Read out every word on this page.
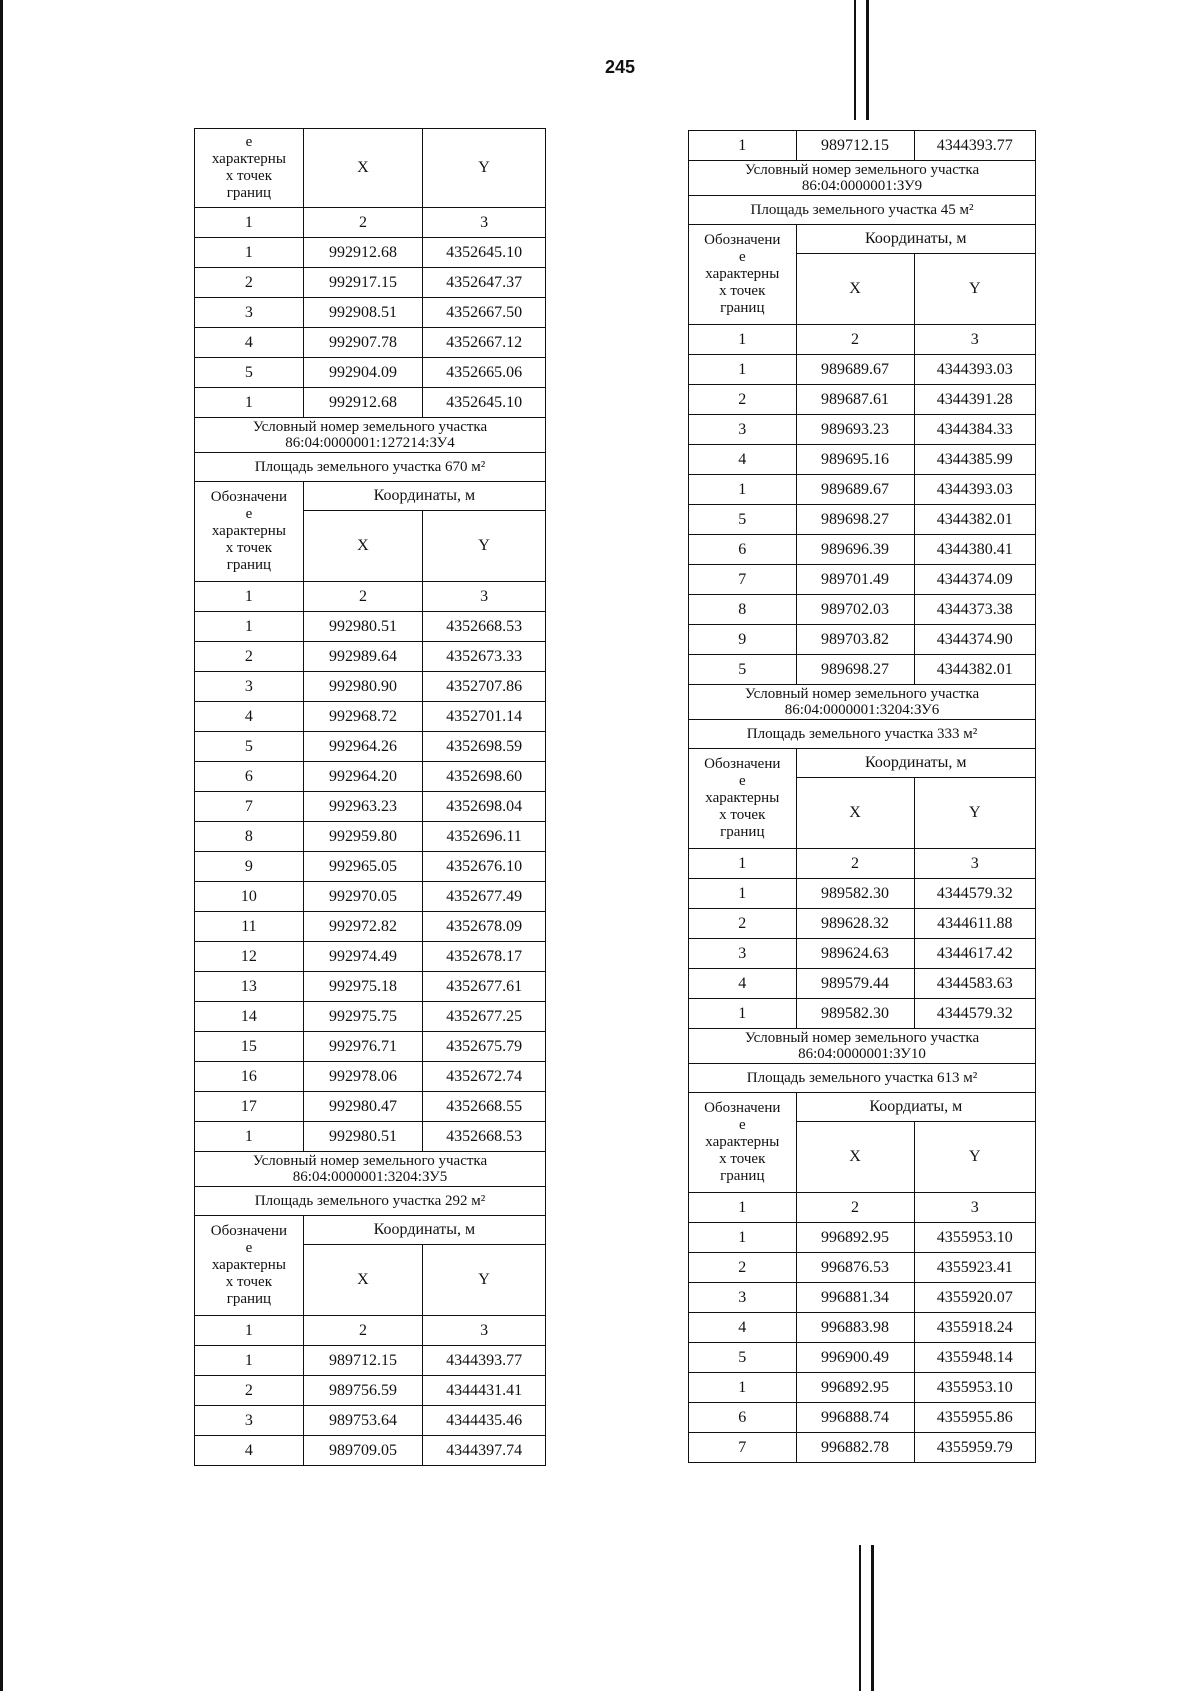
245
е
характерны
х точек
границ	X	Y
1	2	3
1	992912.68	4352645.10
2	992917.15	4352647.37
3	992908.51	4352667.50
4	992907.78	4352667.12
5	992904.09	4352665.06
1	992912.68	4352645.10
Условный номер земельного участка 86:04:0000001:127214:ЗУ4		
Площадь земельного участка 670 м²		
Обозначени
е
характерны
х точек
границ	Координаты, м	
	X	Y
1	2	3
1	992980.51	4352668.53
2	992989.64	4352673.33
3	992980.90	4352707.86
4	992968.72	4352701.14
5	992964.26	4352698.59
6	992964.20	4352698.60
7	992963.23	4352698.04
8	992959.80	4352696.11
9	992965.05	4352676.10
10	992970.05	4352677.49
11	992972.82	4352678.09
12	992974.49	4352678.17
13	992975.18	4352677.61
14	992975.75	4352677.25
15	992976.71	4352675.79
16	992978.06	4352672.74
17	992980.47	4352668.55
1	992980.51	4352668.53
Условный номер земельного участка 86:04:0000001:3204:ЗУ5		
Площадь земельного участка 292 м²		
Обозначени
е
характерны
х точек
границ	Координаты, м	
	X	Y
1	2	3
1	989712.15	4344393.77
2	989756.59	4344431.41
3	989753.64	4344435.46
4	989709.05	4344397.74
1	989712.15	4344393.77
Условный номер земельного участка 86:04:0000001:ЗУ9		
Площадь земельного участка 45 м²		
Обозначени
е
характерны
х точек
границ	Координаты, м	
	X	Y
1	2	3
1	989689.67	4344393.03
2	989687.61	4344391.28
3	989693.23	4344384.33
4	989695.16	4344385.99
1	989689.67	4344393.03
5	989698.27	4344382.01
6	989696.39	4344380.41
7	989701.49	4344374.09
8	989702.03	4344373.38
9	989703.82	4344374.90
5	989698.27	4344382.01
Условный номер земельного участка 86:04:0000001:3204:ЗУ6		
Площадь земельного участка 333 м²		
Обозначени
е
характерны
х точек
границ	Координаты, м	
	X	Y
1	2	3
1	989582.30	4344579.32
2	989628.32	4344611.88
3	989624.63	4344617.42
4	989579.44	4344583.63
1	989582.30	4344579.32
Условный номер земельного участка 86:04:0000001:ЗУ10		
Площадь земельного участка 613 м²		
Обозначени
е
характерны
х точек
границ	Коордиаты, м	
	X	Y
1	2	3
1	996892.95	4355953.10
2	996876.53	4355923.41
3	996881.34	4355920.07
4	996883.98	4355918.24
5	996900.49	4355948.14
1	996892.95	4355953.10
6	996888.74	4355955.86
7	996882.78	4355959.79
